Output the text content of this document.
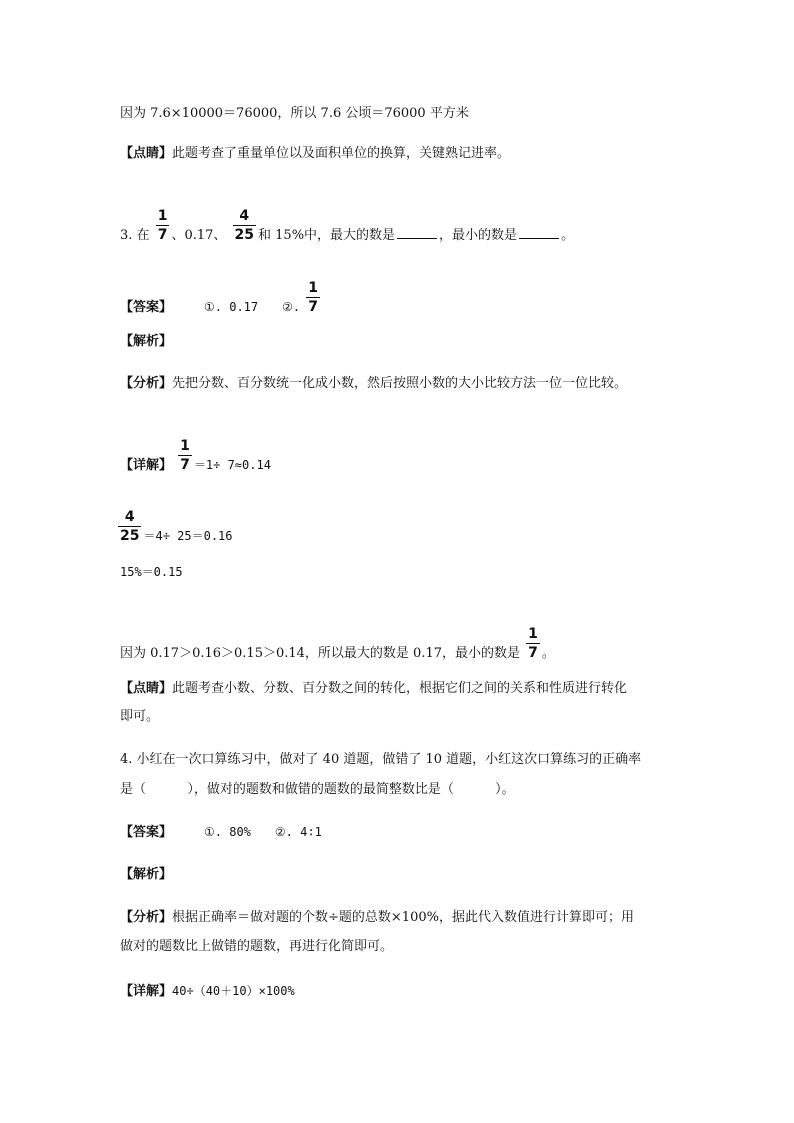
因为 7.6×10000＝76000，所以 7.6 公顷＝76000 平方米
【点睛】此题考查了重量单位以及面积单位的换算，关键熟记进率。
3. 在 $\frac{1}{7}$ 、0.17、 $\frac{4}{25}$ 和 15%中，最大的数是	，最小的数是	。
【答案】	①. 0.17 ②. $\frac{1}{7}$
【解析】
【分析】先把分数、百分数统一化成小数，然后按照小数的大小比较方法一位一位比较。
【详解】 $\frac{1}{7} =1\div 7\approx 0.14$
$\frac{4}{25} =4\div 25=0.16$
15%＝0.15
因为 0.17＞0.16＞0.15＞0.14，所以最大的数是 0.17，最小的数是 $\frac{1}{7}$ 。
【点睛】此题考查小数、分数、百分数之间的转化，根据它们之间的关系和性质进行转化
即可。
4. 小红在一次口算练习中，做对了 40 道题，做错了 10 道题，小红这次口算练习的正确率
是（          ），做对的题数和做错的题数的最简整数比是（          ）。
【答案】	①. 80% ②. 4∶1
【解析】
【分析】根据正确率＝做对题的个数÷题的总数×100%，据此代入数值进行计算即可；用
做对的题数比上做错的题数，再进行化简即可。
【详解】40÷（40＋10）×100%
